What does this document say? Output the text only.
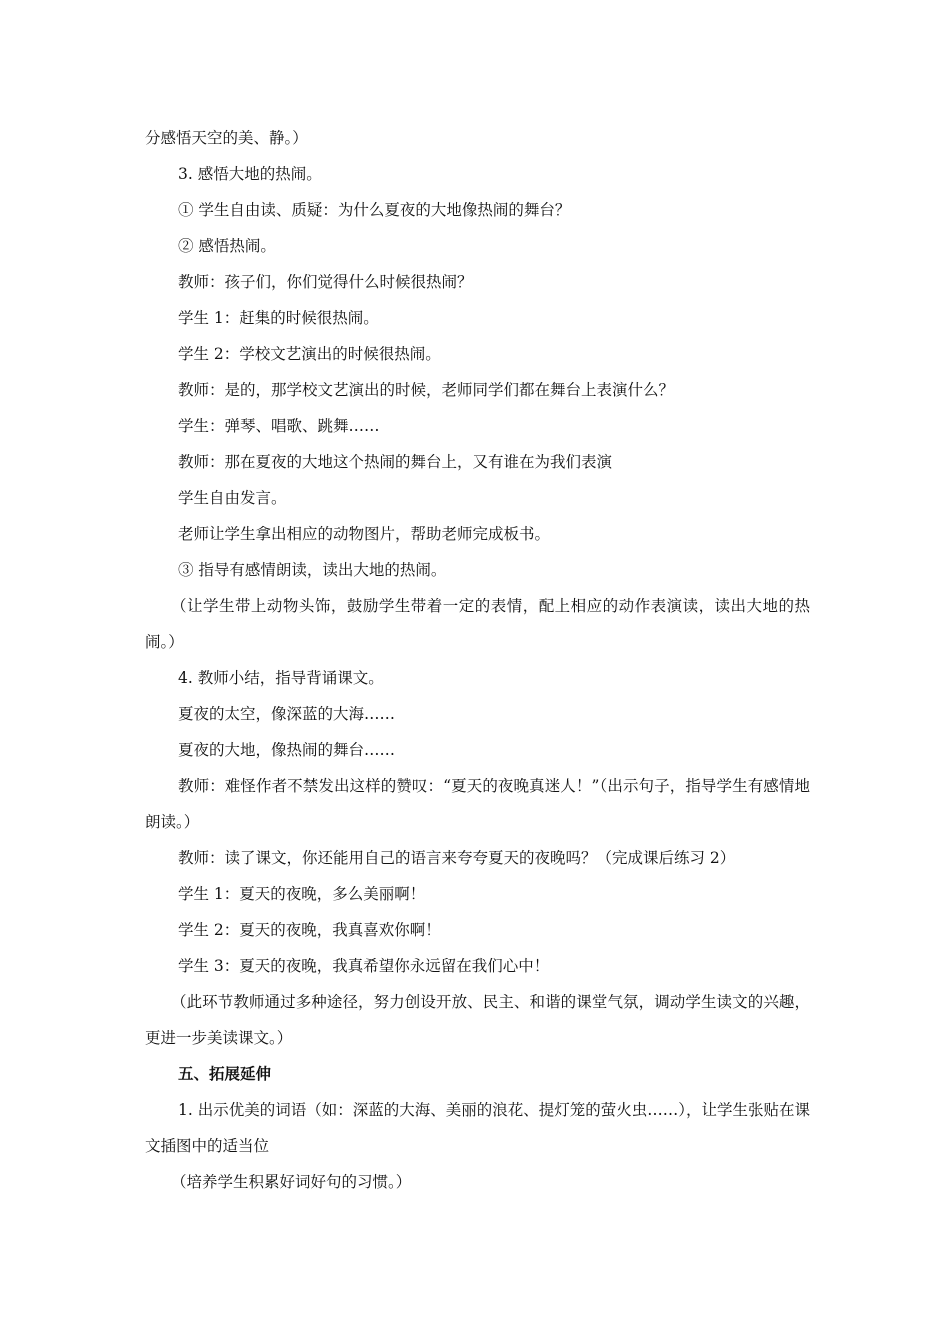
分感悟天空的美、静。）

3. 感悟大地的热闹。

① 学生自由读、质疑：为什么夏夜的大地像热闹的舞台？

② 感悟热闹。

教师：孩子们，你们觉得什么时候很热闹？

学生 1：赶集的时候很热闹。

学生 2：学校文艺演出的时候很热闹。

教师：是的，那学校文艺演出的时候，老师同学们都在舞台上表演什么？

学生：弹琴、唱歌、跳舞……

教师：那在夏夜的大地这个热闹的舞台上，又有谁在为我们表演

学生自由发言。

老师让学生拿出相应的动物图片，帮助老师完成板书。

③ 指导有感情朗读，读出大地的热闹。

（让学生带上动物头饰，鼓励学生带着一定的表情，配上相应的动作表演读，读出大地的热闹。）

4. 教师小结，指导背诵课文。

夏夜的太空，像深蓝的大海……

夏夜的大地，像热闹的舞台……

教师：难怪作者不禁发出这样的赞叹：“夏天的夜晚真迷人！”（出示句子，指导学生有感情地朗读。）

教师：读了课文，你还能用自己的语言来夸夸夏天的夜晚吗？（完成课后练习 2）

学生 1：夏天的夜晚，多么美丽啊！

学生 2：夏天的夜晚，我真喜欢你啊！

学生 3：夏天的夜晚，我真希望你永远留在我们心中！

（此环节教师通过多种途径，努力创设开放、民主、和谐的课堂气氛，调动学生读文的兴趣，更进一步美读课文。）

五、拓展延伸

1. 出示优美的词语（如：深蓝的大海、美丽的浪花、提灯笼的萤火虫……），让学生张贴在课文插图中的适当位

（培养学生积累好词好句的习惯。）
